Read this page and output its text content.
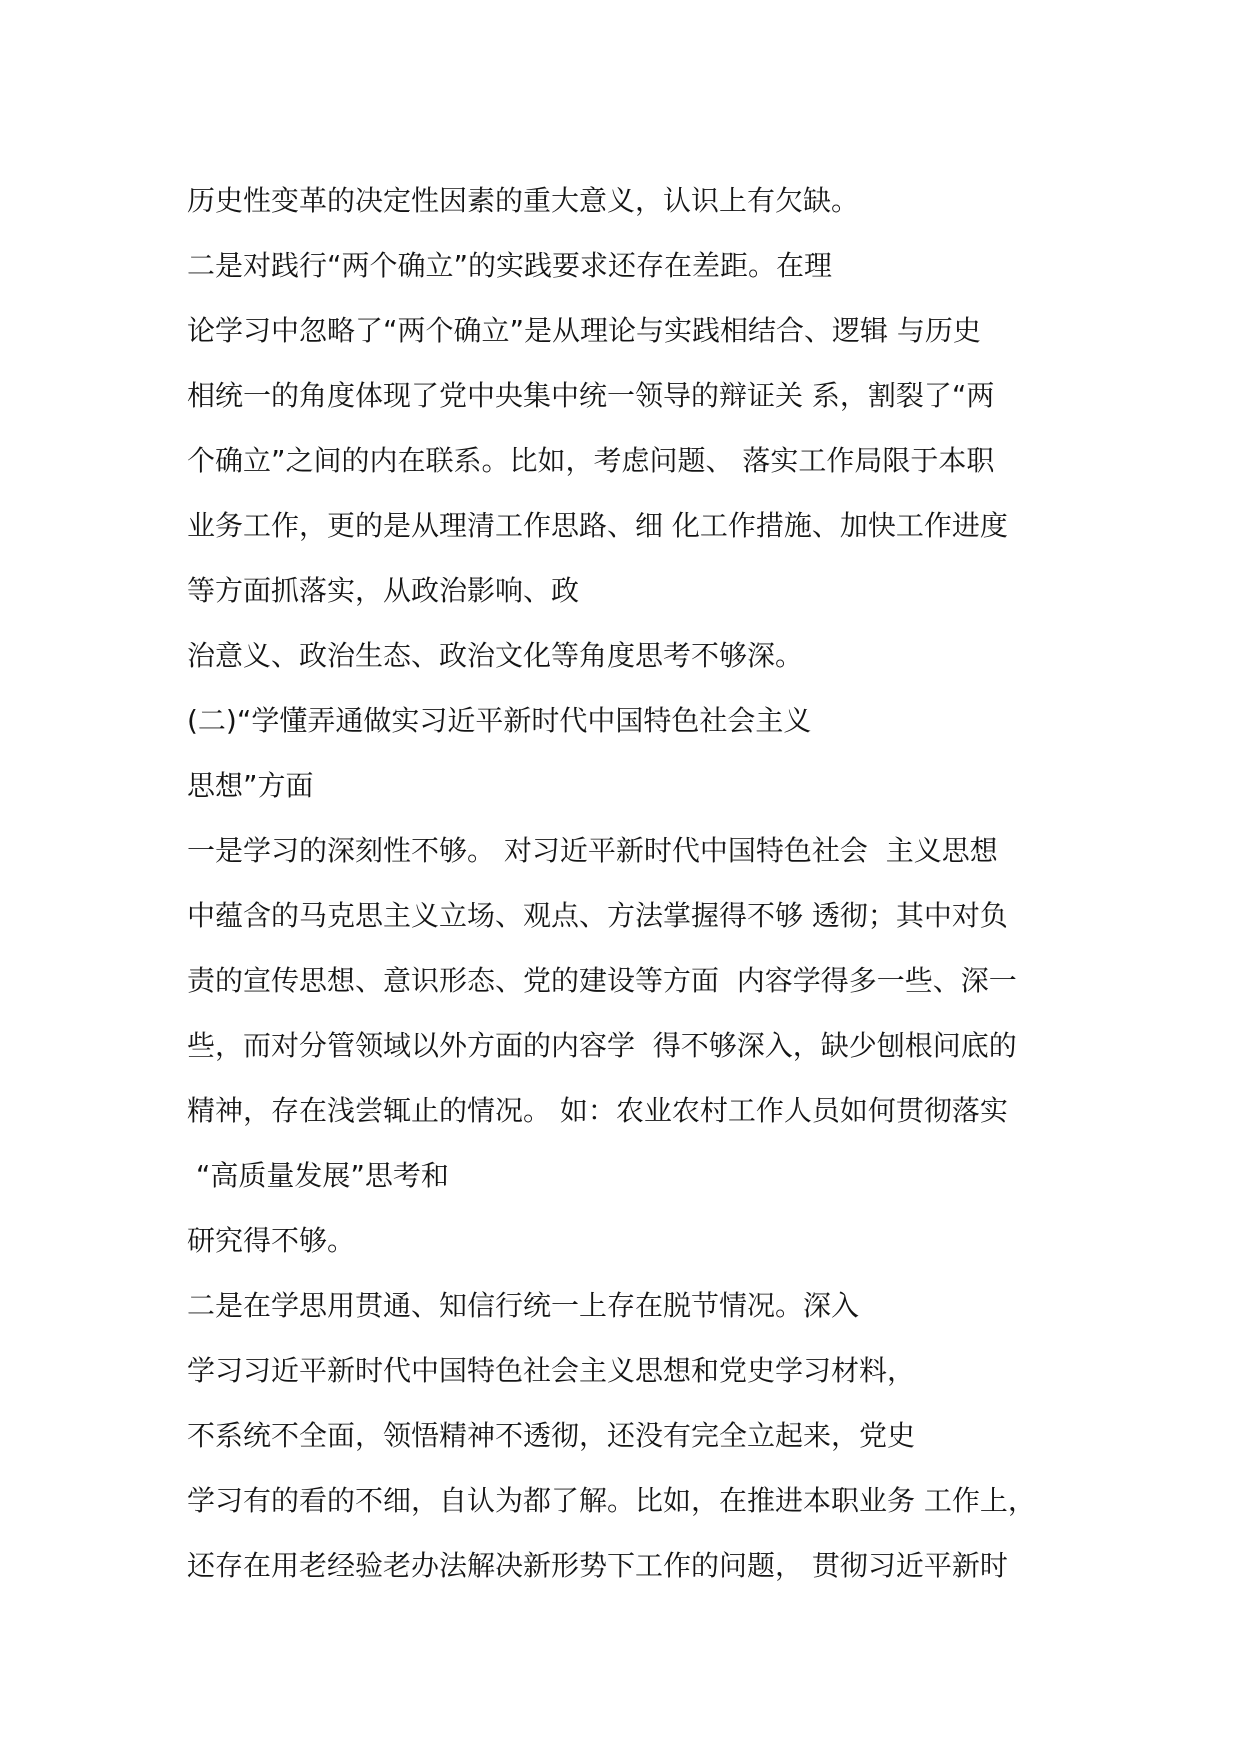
历史性变革的决定性因素的重大意义，认识上有欠缺。
二是对践行“两个确立”的实践要求还存在差距。在理
论学习中忽略了“两个确立”是从理论与实践相结合、逻辑 与历史
相统一的角度体现了党中央集中统一领导的辩证关 系，割裂了“两
个确立”之间的内在联系。比如，考虑问题、 落实工作局限于本职
业务工作，更的是从理清工作思路、细 化工作措施、加快工作进度
等方面抓落实，从政治影响、政
治意义、政治生态、政治文化等角度思考不够深。
(二)“学懂弄通做实习近平新时代中国特色社会主义
思想”方面
一是学习的深刻性不够。 对习近平新时代中国特色社会  主义思想
中蕴含的马克思主义立场、观点、方法掌握得不够 透彻；其中对负
责的宣传思想、意识形态、党的建设等方面  内容学得多一些、深一
些，而对分管领域以外方面的内容学  得不够深入，缺少刨根问底的
精神，存在浅尝辄止的情况。 如：农业农村工作人员如何贯彻落实
“高质量发展”思考和
研究得不够。
二是在学思用贯通、知信行统一上存在脱节情况。深入
学习习近平新时代中国特色社会主义思想和党史学习材料，
不系统不全面，领悟精神不透彻，还没有完全立起来，党史
学习有的看的不细，自认为都了解。比如，在推进本职业务 工作上，
还存在用老经验老办法解决新形势下工作的问题， 贯彻习近平新时
